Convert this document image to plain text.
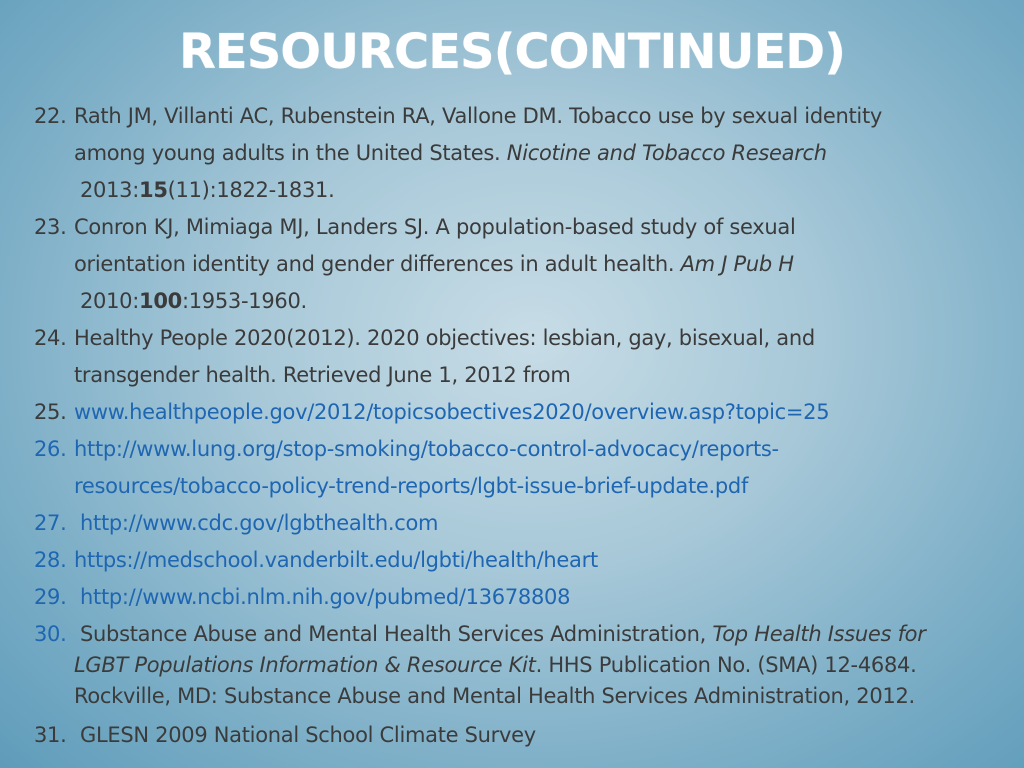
RESOURCES(CONTINUED)
22. Rath JM, Villanti AC, Rubenstein RA, Vallone DM. Tobacco use by sexual identity
among young adults in the United States. Nicotine and Tobacco Research
2013:15(11):1822-1831.
23. Conron KJ, Mimiaga MJ, Landers SJ. A population-based study of sexual
orientation identity and gender differences in adult health. Am J Pub H
2010:100:1953-1960.
24. Healthy People 2020(2012). 2020 objectives: lesbian, gay, bisexual, and
transgender health. Retrieved June 1, 2012 from
25. www.healthpeople.gov/2012/topicsobectives2020/overview.asp?topic=25
26. http://www.lung.org/stop-smoking/tobacco-control-advocacy/reports-
resources/tobacco-policy-trend-reports/lgbt-issue-brief-update.pdf
27. http://www.cdc.gov/lgbthealth.com
28. https://medschool.vanderbilt.edu/lgbti/health/heart
29. http://www.ncbi.nlm.nih.gov/pubmed/13678808
30. Substance Abuse and Mental Health Services Administration, Top Health Issues for
LGBT Populations Information & Resource Kit. HHS Publication No. (SMA) 12-4684.
Rockville, MD: Substance Abuse and Mental Health Services Administration, 2012.
31. GLESN 2009 National School Climate Survey
